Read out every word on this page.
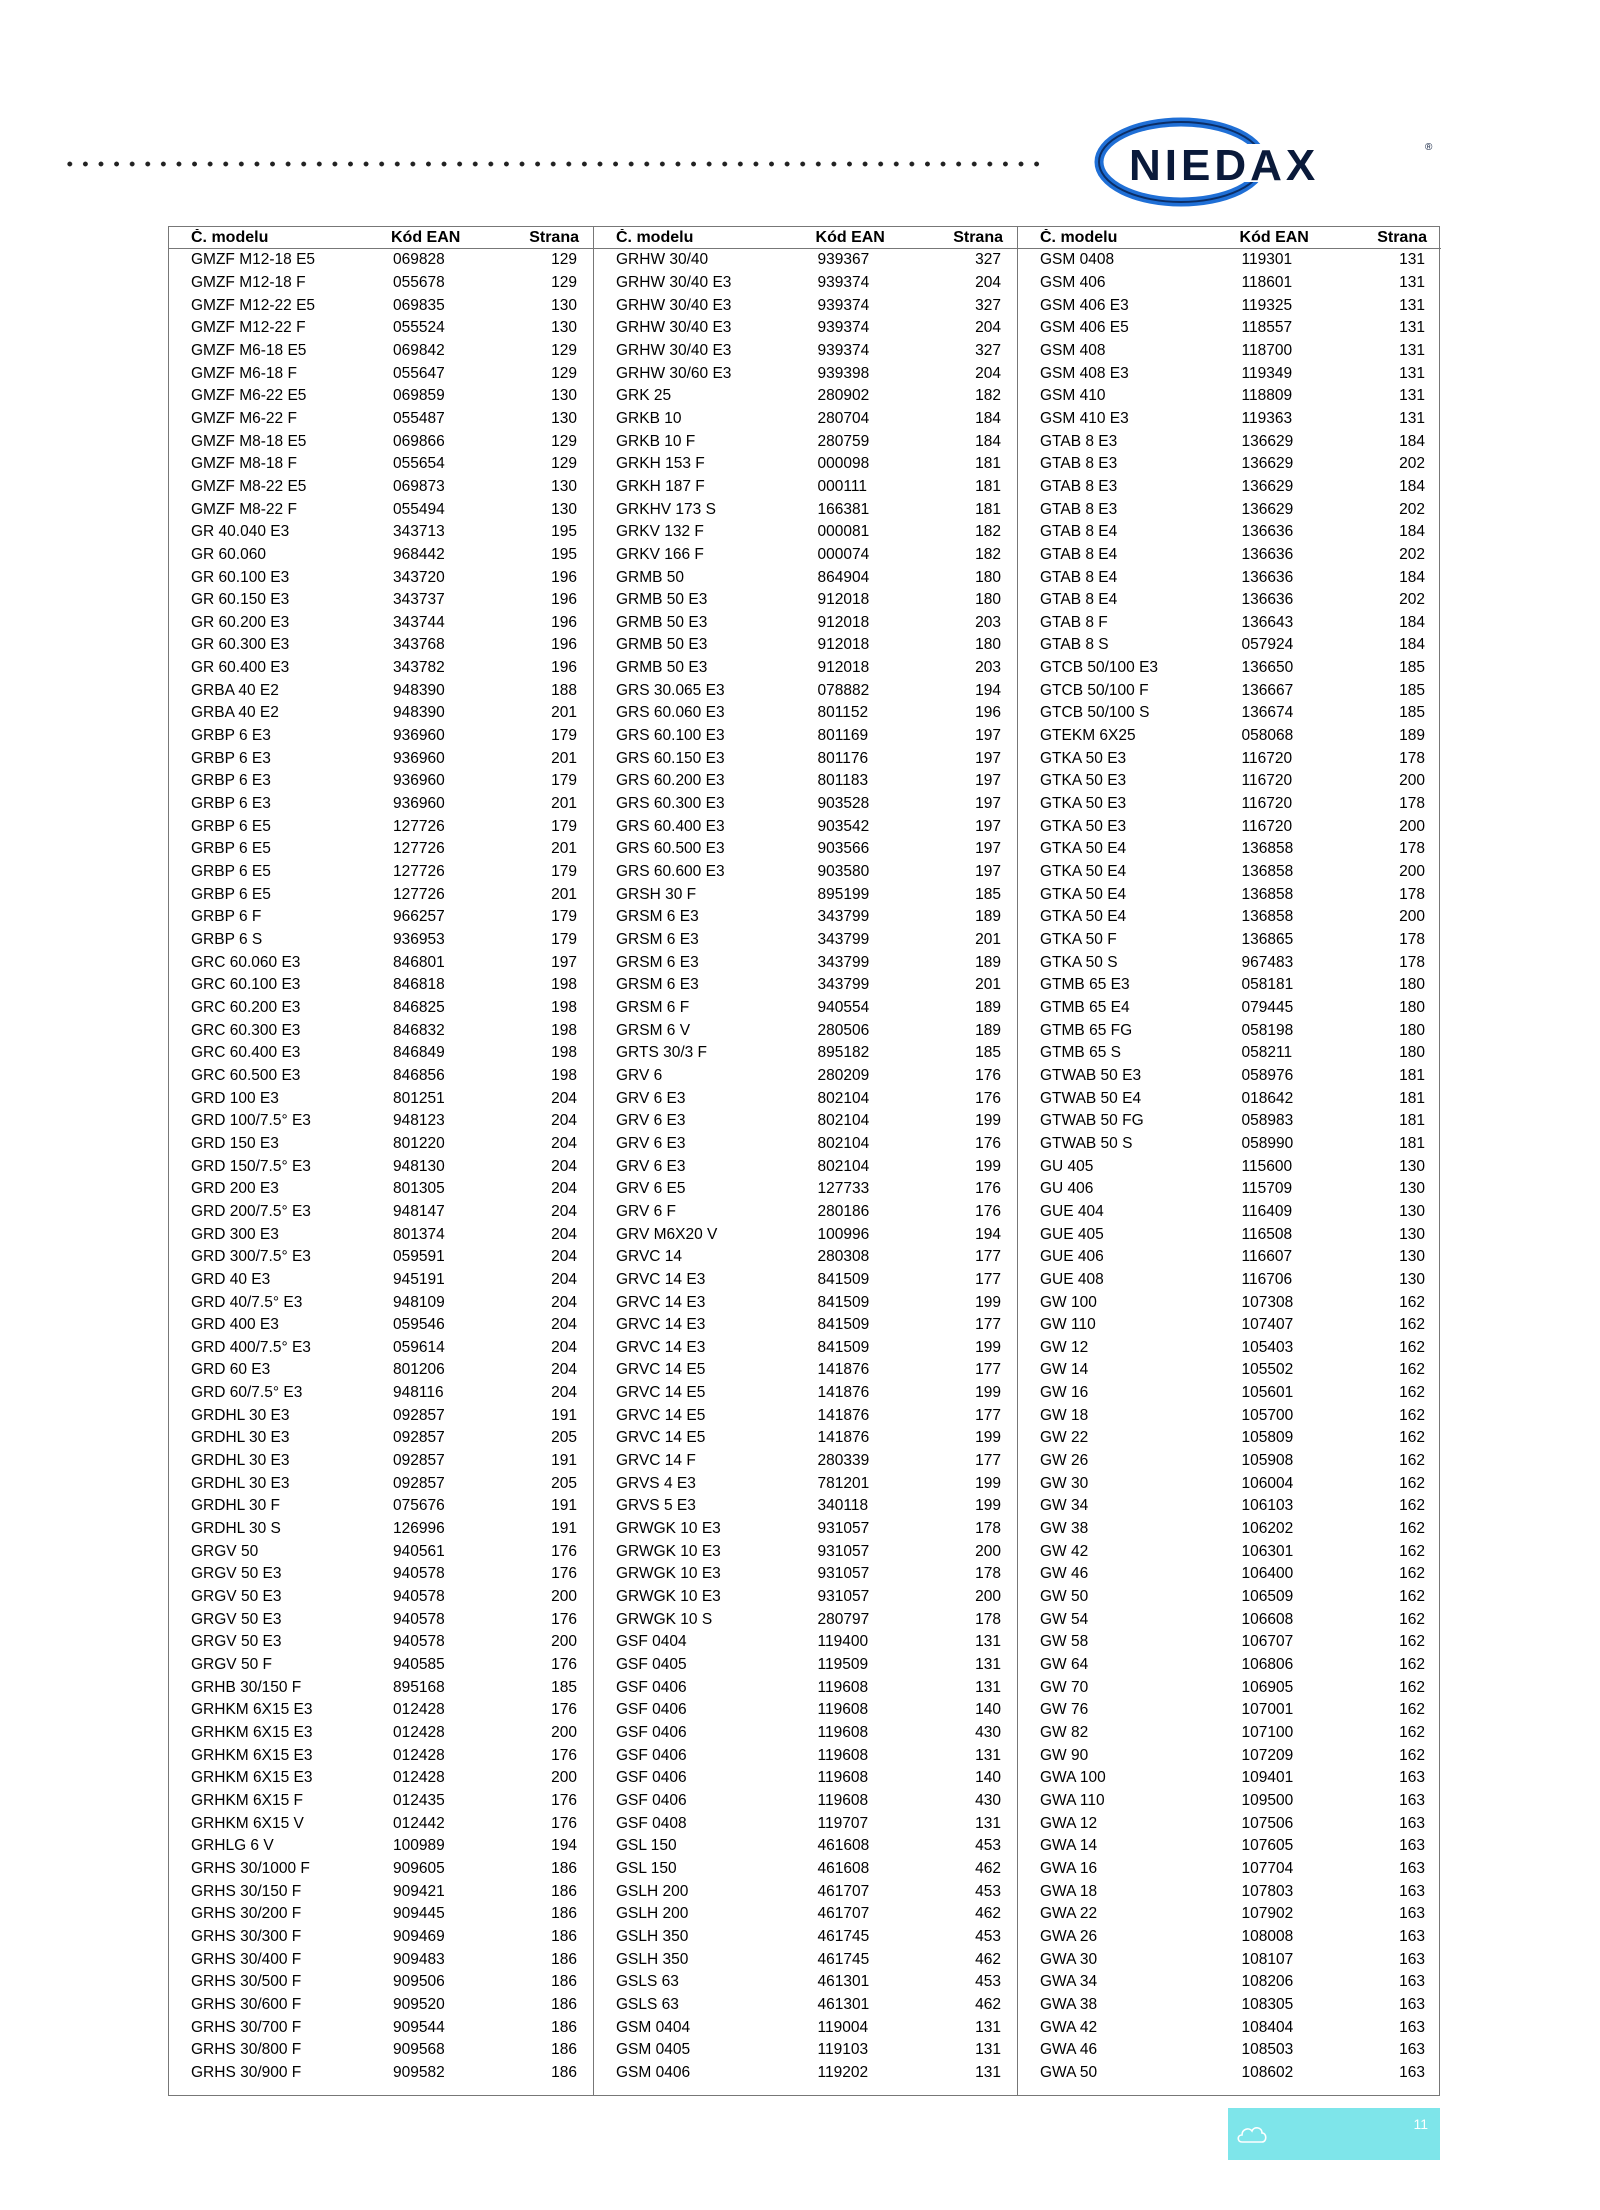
NIEDAX	®
Č. modelu	Kód EAN	Strana
GMZF M12-18 E5	069828	129
GMZF M12-18 F	055678	129
GMZF M12-22 E5	069835	130
GMZF M12-22 F	055524	130
GMZF M6-18 E5	069842	129
GMZF M6-18 F	055647	129
GMZF M6-22 E5	069859	130
GMZF M6-22 F	055487	130
GMZF M8-18 E5	069866	129
GMZF M8-18 F	055654	129
GMZF M8-22 E5	069873	130
GMZF M8-22 F	055494	130
GR 40.040 E3	343713	195
GR 60.060	968442	195
GR 60.100 E3	343720	196
GR 60.150 E3	343737	196
GR 60.200 E3	343744	196
GR 60.300 E3	343768	196
GR 60.400 E3	343782	196
GRBA 40 E2	948390	188
GRBA 40 E2	948390	201
GRBP 6 E3	936960	179
GRBP 6 E3	936960	201
GRBP 6 E3	936960	179
GRBP 6 E3	936960	201
GRBP 6 E5	127726	179
GRBP 6 E5	127726	201
GRBP 6 E5	127726	179
GRBP 6 E5	127726	201
GRBP 6 F	966257	179
GRBP 6 S	936953	179
GRC 60.060 E3	846801	197
GRC 60.100 E3	846818	198
GRC 60.200 E3	846825	198
GRC 60.300 E3	846832	198
GRC 60.400 E3	846849	198
GRC 60.500 E3	846856	198
GRD 100 E3	801251	204
GRD 100/7.5° E3	948123	204
GRD 150 E3	801220	204
GRD 150/7.5° E3	948130	204
GRD 200 E3	801305	204
GRD 200/7.5° E3	948147	204
GRD 300 E3	801374	204
GRD 300/7.5° E3	059591	204
GRD 40 E3	945191	204
GRD 40/7.5° E3	948109	204
GRD 400 E3	059546	204
GRD 400/7.5° E3	059614	204
GRD 60 E3	801206	204
GRD 60/7.5° E3	948116	204
GRDHL 30 E3	092857	191
GRDHL 30 E3	092857	205
GRDHL 30 E3	092857	191
GRDHL 30 E3	092857	205
GRDHL 30 F	075676	191
GRDHL 30 S	126996	191
GRGV 50	940561	176
GRGV 50 E3	940578	176
GRGV 50 E3	940578	200
GRGV 50 E3	940578	176
GRGV 50 E3	940578	200
GRGV 50 F	940585	176
GRHB 30/150 F	895168	185
GRHKM 6X15 E3	012428	176
GRHKM 6X15 E3	012428	200
GRHKM 6X15 E3	012428	176
GRHKM 6X15 E3	012428	200
GRHKM 6X15 F	012435	176
GRHKM 6X15 V	012442	176
GRHLG 6 V	100989	194
GRHS 30/1000 F	909605	186
GRHS 30/150 F	909421	186
GRHS 30/200 F	909445	186
GRHS 30/300 F	909469	186
GRHS 30/400 F	909483	186
GRHS 30/500 F	909506	186
GRHS 30/600 F	909520	186
GRHS 30/700 F	909544	186
GRHS 30/800 F	909568	186
GRHS 30/900 F	909582	186
Č. modelu	Kód EAN	Strana
GRHW 30/40	939367	327
GRHW 30/40 E3	939374	204
GRHW 30/40 E3	939374	327
GRHW 30/40 E3	939374	204
GRHW 30/40 E3	939374	327
GRHW 30/60 E3	939398	204
GRK 25	280902	182
GRKB 10	280704	184
GRKB 10 F	280759	184
GRKH 153 F	000098	181
GRKH 187 F	000111	181
GRKHV 173 S	166381	181
GRKV 132 F	000081	182
GRKV 166 F	000074	182
GRMB 50	864904	180
GRMB 50 E3	912018	180
GRMB 50 E3	912018	203
GRMB 50 E3	912018	180
GRMB 50 E3	912018	203
GRS 30.065 E3	078882	194
GRS 60.060 E3	801152	196
GRS 60.100 E3	801169	197
GRS 60.150 E3	801176	197
GRS 60.200 E3	801183	197
GRS 60.300 E3	903528	197
GRS 60.400 E3	903542	197
GRS 60.500 E3	903566	197
GRS 60.600 E3	903580	197
GRSH 30 F	895199	185
GRSM 6 E3	343799	189
GRSM 6 E3	343799	201
GRSM 6 E3	343799	189
GRSM 6 E3	343799	201
GRSM 6 F	940554	189
GRSM 6 V	280506	189
GRTS 30/3 F	895182	185
GRV 6	280209	176
GRV 6 E3	802104	176
GRV 6 E3	802104	199
GRV 6 E3	802104	176
GRV 6 E3	802104	199
GRV 6 E5	127733	176
GRV 6 F	280186	176
GRV M6X20 V	100996	194
GRVC 14	280308	177
GRVC 14 E3	841509	177
GRVC 14 E3	841509	199
GRVC 14 E3	841509	177
GRVC 14 E3	841509	199
GRVC 14 E5	141876	177
GRVC 14 E5	141876	199
GRVC 14 E5	141876	177
GRVC 14 E5	141876	199
GRVC 14 F	280339	177
GRVS 4 E3	781201	199
GRVS 5 E3	340118	199
GRWGK 10 E3	931057	178
GRWGK 10 E3	931057	200
GRWGK 10 E3	931057	178
GRWGK 10 E3	931057	200
GRWGK 10 S	280797	178
GSF 0404	119400	131
GSF 0405	119509	131
GSF 0406	119608	131
GSF 0406	119608	140
GSF 0406	119608	430
GSF 0406	119608	131
GSF 0406	119608	140
GSF 0406	119608	430
GSF 0408	119707	131
GSL 150	461608	453
GSL 150	461608	462
GSLH 200	461707	453
GSLH 200	461707	462
GSLH 350	461745	453
GSLH 350	461745	462
GSLS 63	461301	453
GSLS 63	461301	462
GSM 0404	119004	131
GSM 0405	119103	131
GSM 0406	119202	131
Č. modelu	Kód EAN	Strana
GSM 0408	119301	131
GSM 406	118601	131
GSM 406 E3	119325	131
GSM 406 E5	118557	131
GSM 408	118700	131
GSM 408 E3	119349	131
GSM 410	118809	131
GSM 410 E3	119363	131
GTAB 8 E3	136629	184
GTAB 8 E3	136629	202
GTAB 8 E3	136629	184
GTAB 8 E3	136629	202
GTAB 8 E4	136636	184
GTAB 8 E4	136636	202
GTAB 8 E4	136636	184
GTAB 8 E4	136636	202
GTAB 8 F	136643	184
GTAB 8 S	057924	184
GTCB 50/100 E3	136650	185
GTCB 50/100 F	136667	185
GTCB 50/100 S	136674	185
GTEKM 6X25	058068	189
GTKA 50 E3	116720	178
GTKA 50 E3	116720	200
GTKA 50 E3	116720	178
GTKA 50 E3	116720	200
GTKA 50 E4	136858	178
GTKA 50 E4	136858	200
GTKA 50 E4	136858	178
GTKA 50 E4	136858	200
GTKA 50 F	136865	178
GTKA 50 S	967483	178
GTMB 65 E3	058181	180
GTMB 65 E4	079445	180
GTMB 65 FG	058198	180
GTMB 65 S	058211	180
GTWAB 50 E3	058976	181
GTWAB 50 E4	018642	181
GTWAB 50 FG	058983	181
GTWAB 50 S	058990	181
GU 405	115600	130
GU 406	115709	130
GUE 404	116409	130
GUE 405	116508	130
GUE 406	116607	130
GUE 408	116706	130
GW 100	107308	162
GW 110	107407	162
GW 12	105403	162
GW 14	105502	162
GW 16	105601	162
GW 18	105700	162
GW 22	105809	162
GW 26	105908	162
GW 30	106004	162
GW 34	106103	162
GW 38	106202	162
GW 42	106301	162
GW 46	106400	162
GW 50	106509	162
GW 54	106608	162
GW 58	106707	162
GW 64	106806	162
GW 70	106905	162
GW 76	107001	162
GW 82	107100	162
GW 90	107209	162
GWA 100	109401	163
GWA 110	109500	163
GWA 12	107506	163
GWA 14	107605	163
GWA 16	107704	163
GWA 18	107803	163
GWA 22	107902	163
GWA 26	108008	163
GWA 30	108107	163
GWA 34	108206	163
GWA 38	108305	163
GWA 42	108404	163
GWA 46	108503	163
GWA 50	108602	163
11
